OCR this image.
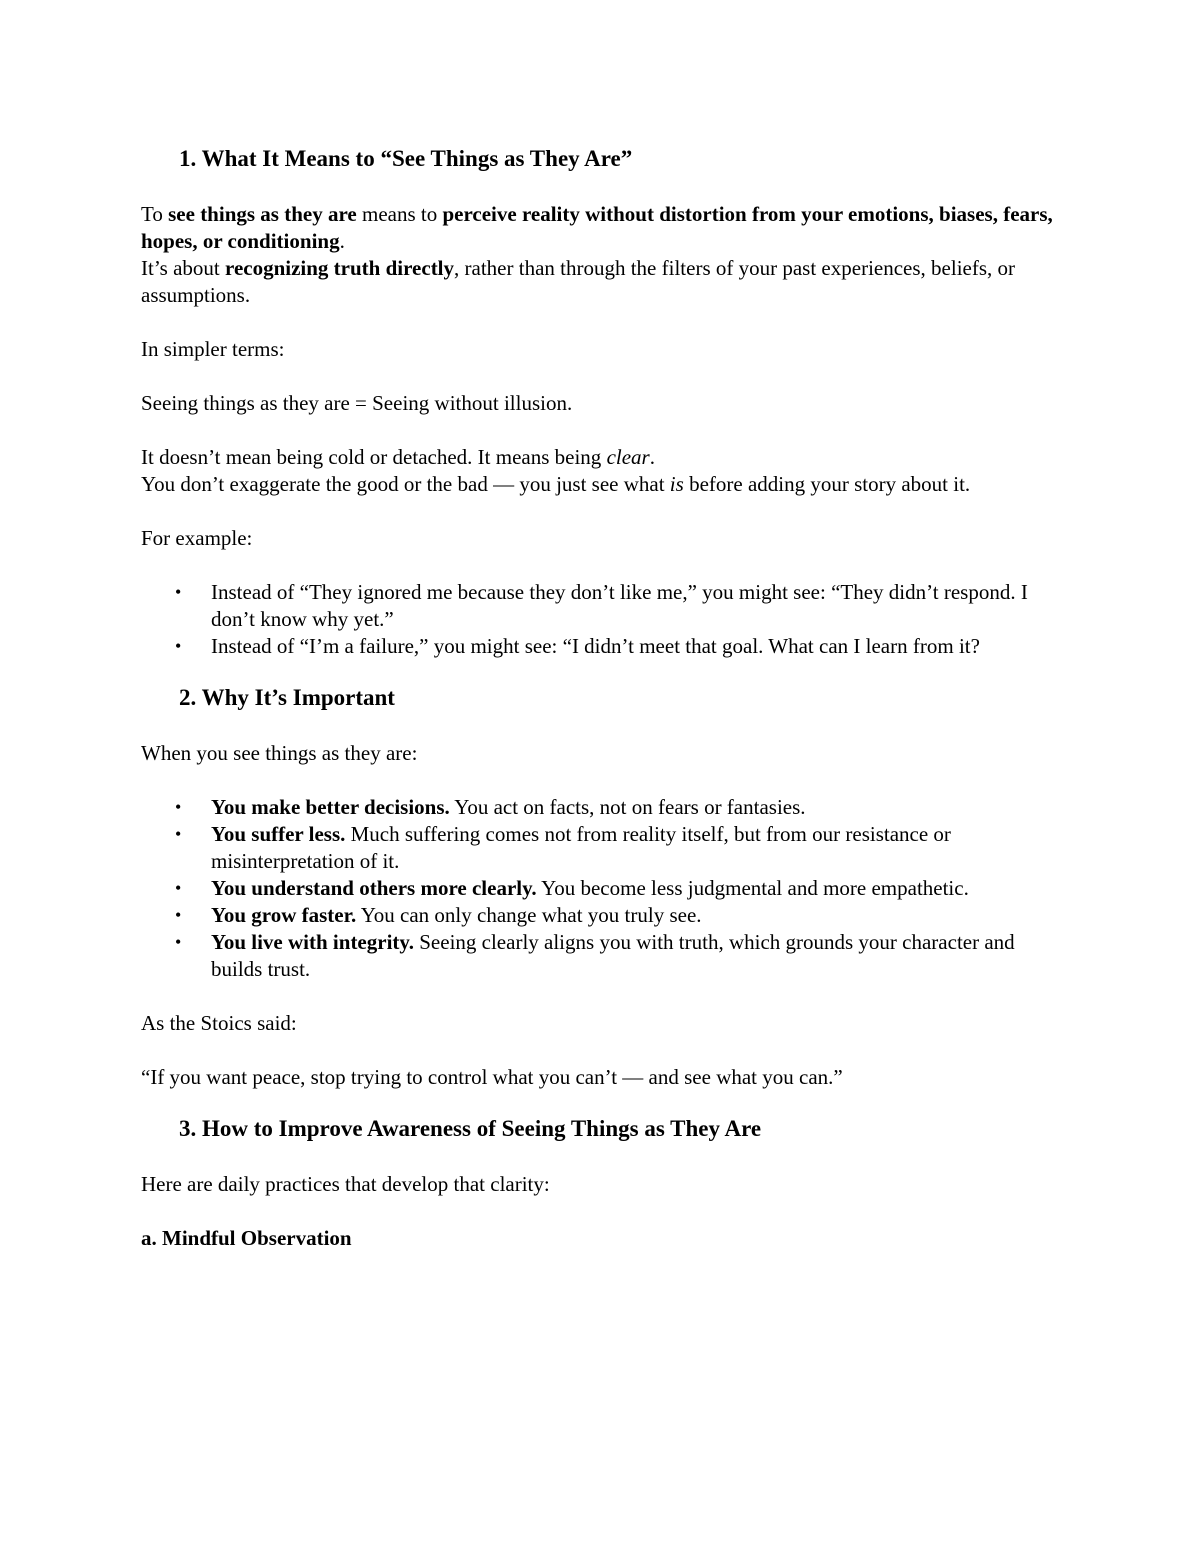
1. What It Means to “See Things as They Are”

To see things as they are means to perceive reality without distortion from your emotions, biases, fears, hopes, or conditioning.

It’s about recognizing truth directly, rather than through the filters of your past experiences, beliefs, or assumptions.

In simpler terms:

Seeing things as they are = Seeing without illusion.

It doesn’t mean being cold or detached. It means being clear.

You don’t exaggerate the good or the bad — you just see what is before adding your story about it.

For example:

• Instead of “They ignored me because they don’t like me,” you might see: “They didn’t respond. I don’t know why yet.”
• Instead of “I’m a failure,” you might see: “I didn’t meet that goal. What can I learn from it?
2. Why It’s Important

When you see things as they are:

• You make better decisions. You act on facts, not on fears or fantasies.
• You suffer less. Much suffering comes not from reality itself, but from our resistance or misinterpretation of it.
• You understand others more clearly. You become less judgmental and more empathetic.
• You grow faster. You can only change what you truly see.
• You live with integrity. Seeing clearly aligns you with truth, which grounds your character and builds trust.

As the Stoics said:

“If you want peace, stop trying to control what you can’t — and see what you can.”

3. How to Improve Awareness of Seeing Things as They Are

Here are daily practices that develop that clarity:

a. Mindful Observation
